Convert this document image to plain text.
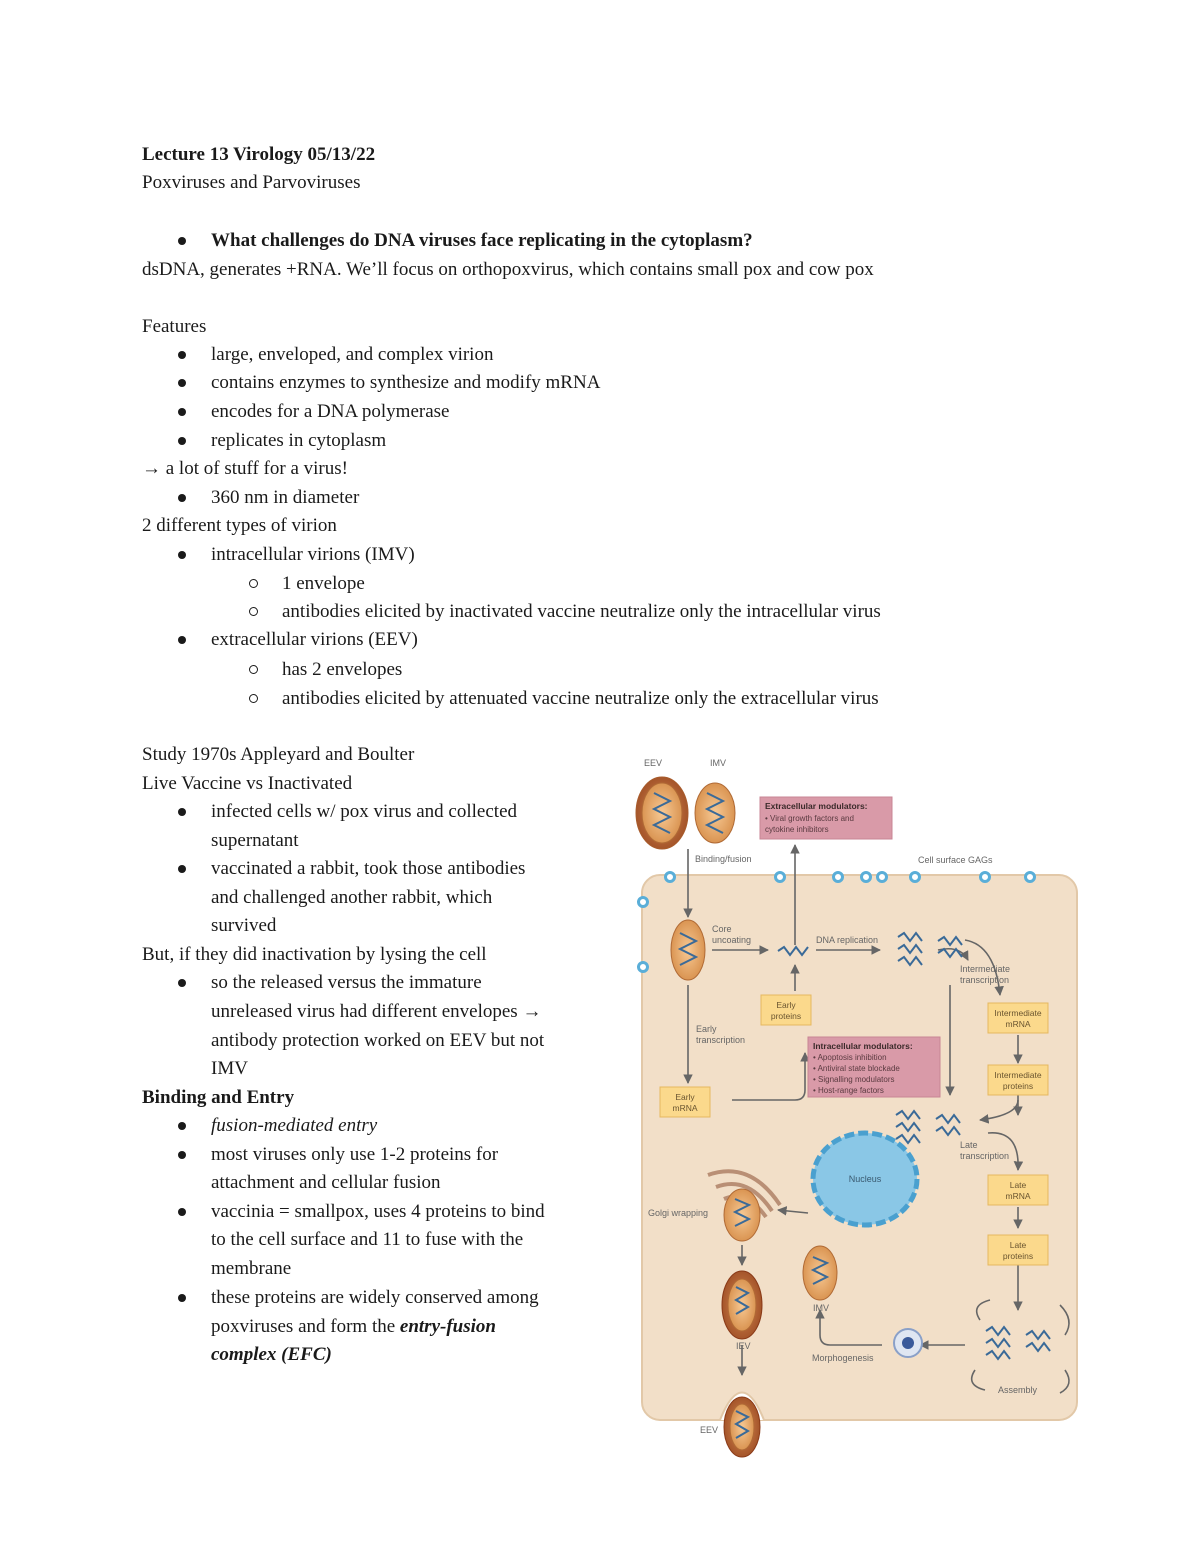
Lecture 13 Virology 05/13/22
Poxviruses and Parvoviruses
What challenges do DNA viruses face replicating in the cytoplasm?
dsDNA, generates +RNA. We’ll focus on orthopoxvirus, which contains small pox and cow pox
Features
large, enveloped, and complex virion
contains enzymes to synthesize and modify mRNA
encodes for a DNA polymerase
replicates in cytoplasm
→ a lot of stuff for a virus!
360 nm in diameter
2 different types of virion
intracellular virions (IMV)
1 envelope
antibodies elicited by inactivated vaccine neutralize only the intracellular virus
extracellular virions (EEV)
has 2 envelopes
antibodies elicited by attenuated vaccine neutralize only the extracellular virus
Study 1970s Appleyard and Boulter
Live Vaccine vs Inactivated
infected cells w/ pox virus and collected
supernatant
vaccinated a rabbit, took those antibodies
and challenged another rabbit, which
survived
But, if they did inactivation by lysing the cell
so the released versus the immature
unreleased virus had different envelopes →
antibody protection worked on EEV but not
IMV
Binding and Entry
fusion-mediated entry
most viruses only use 1-2 proteins for
attachment and cellular fusion
vaccinia = smallpox, uses 4 proteins to bind
to the cell surface and 11 to fuse with the
membrane
these proteins are widely conserved among
poxviruses and form the entry-fusion
complex (EFC)
EEV	IMV
Extracellular modulators:
• Viral growth factors and
cytokine inhibitors
Binding/fusion	Cell surface GAGs
Core
uncoating	DNA replication
Early
proteins
Early
transcription
Early
mRNA
Intracellular modulators:
• Apoptosis inhibition
• Antiviral state blockade
• Signalling modulators
• Host-range factors
Intermediate
transcription
Intermediate
mRNA
Intermediate
proteins
Late
transcription
Late
mRNA
Late
proteins
Nucleus
Golgi wrapping
IMV
IEV
Morphogenesis
Assembly
EEV
